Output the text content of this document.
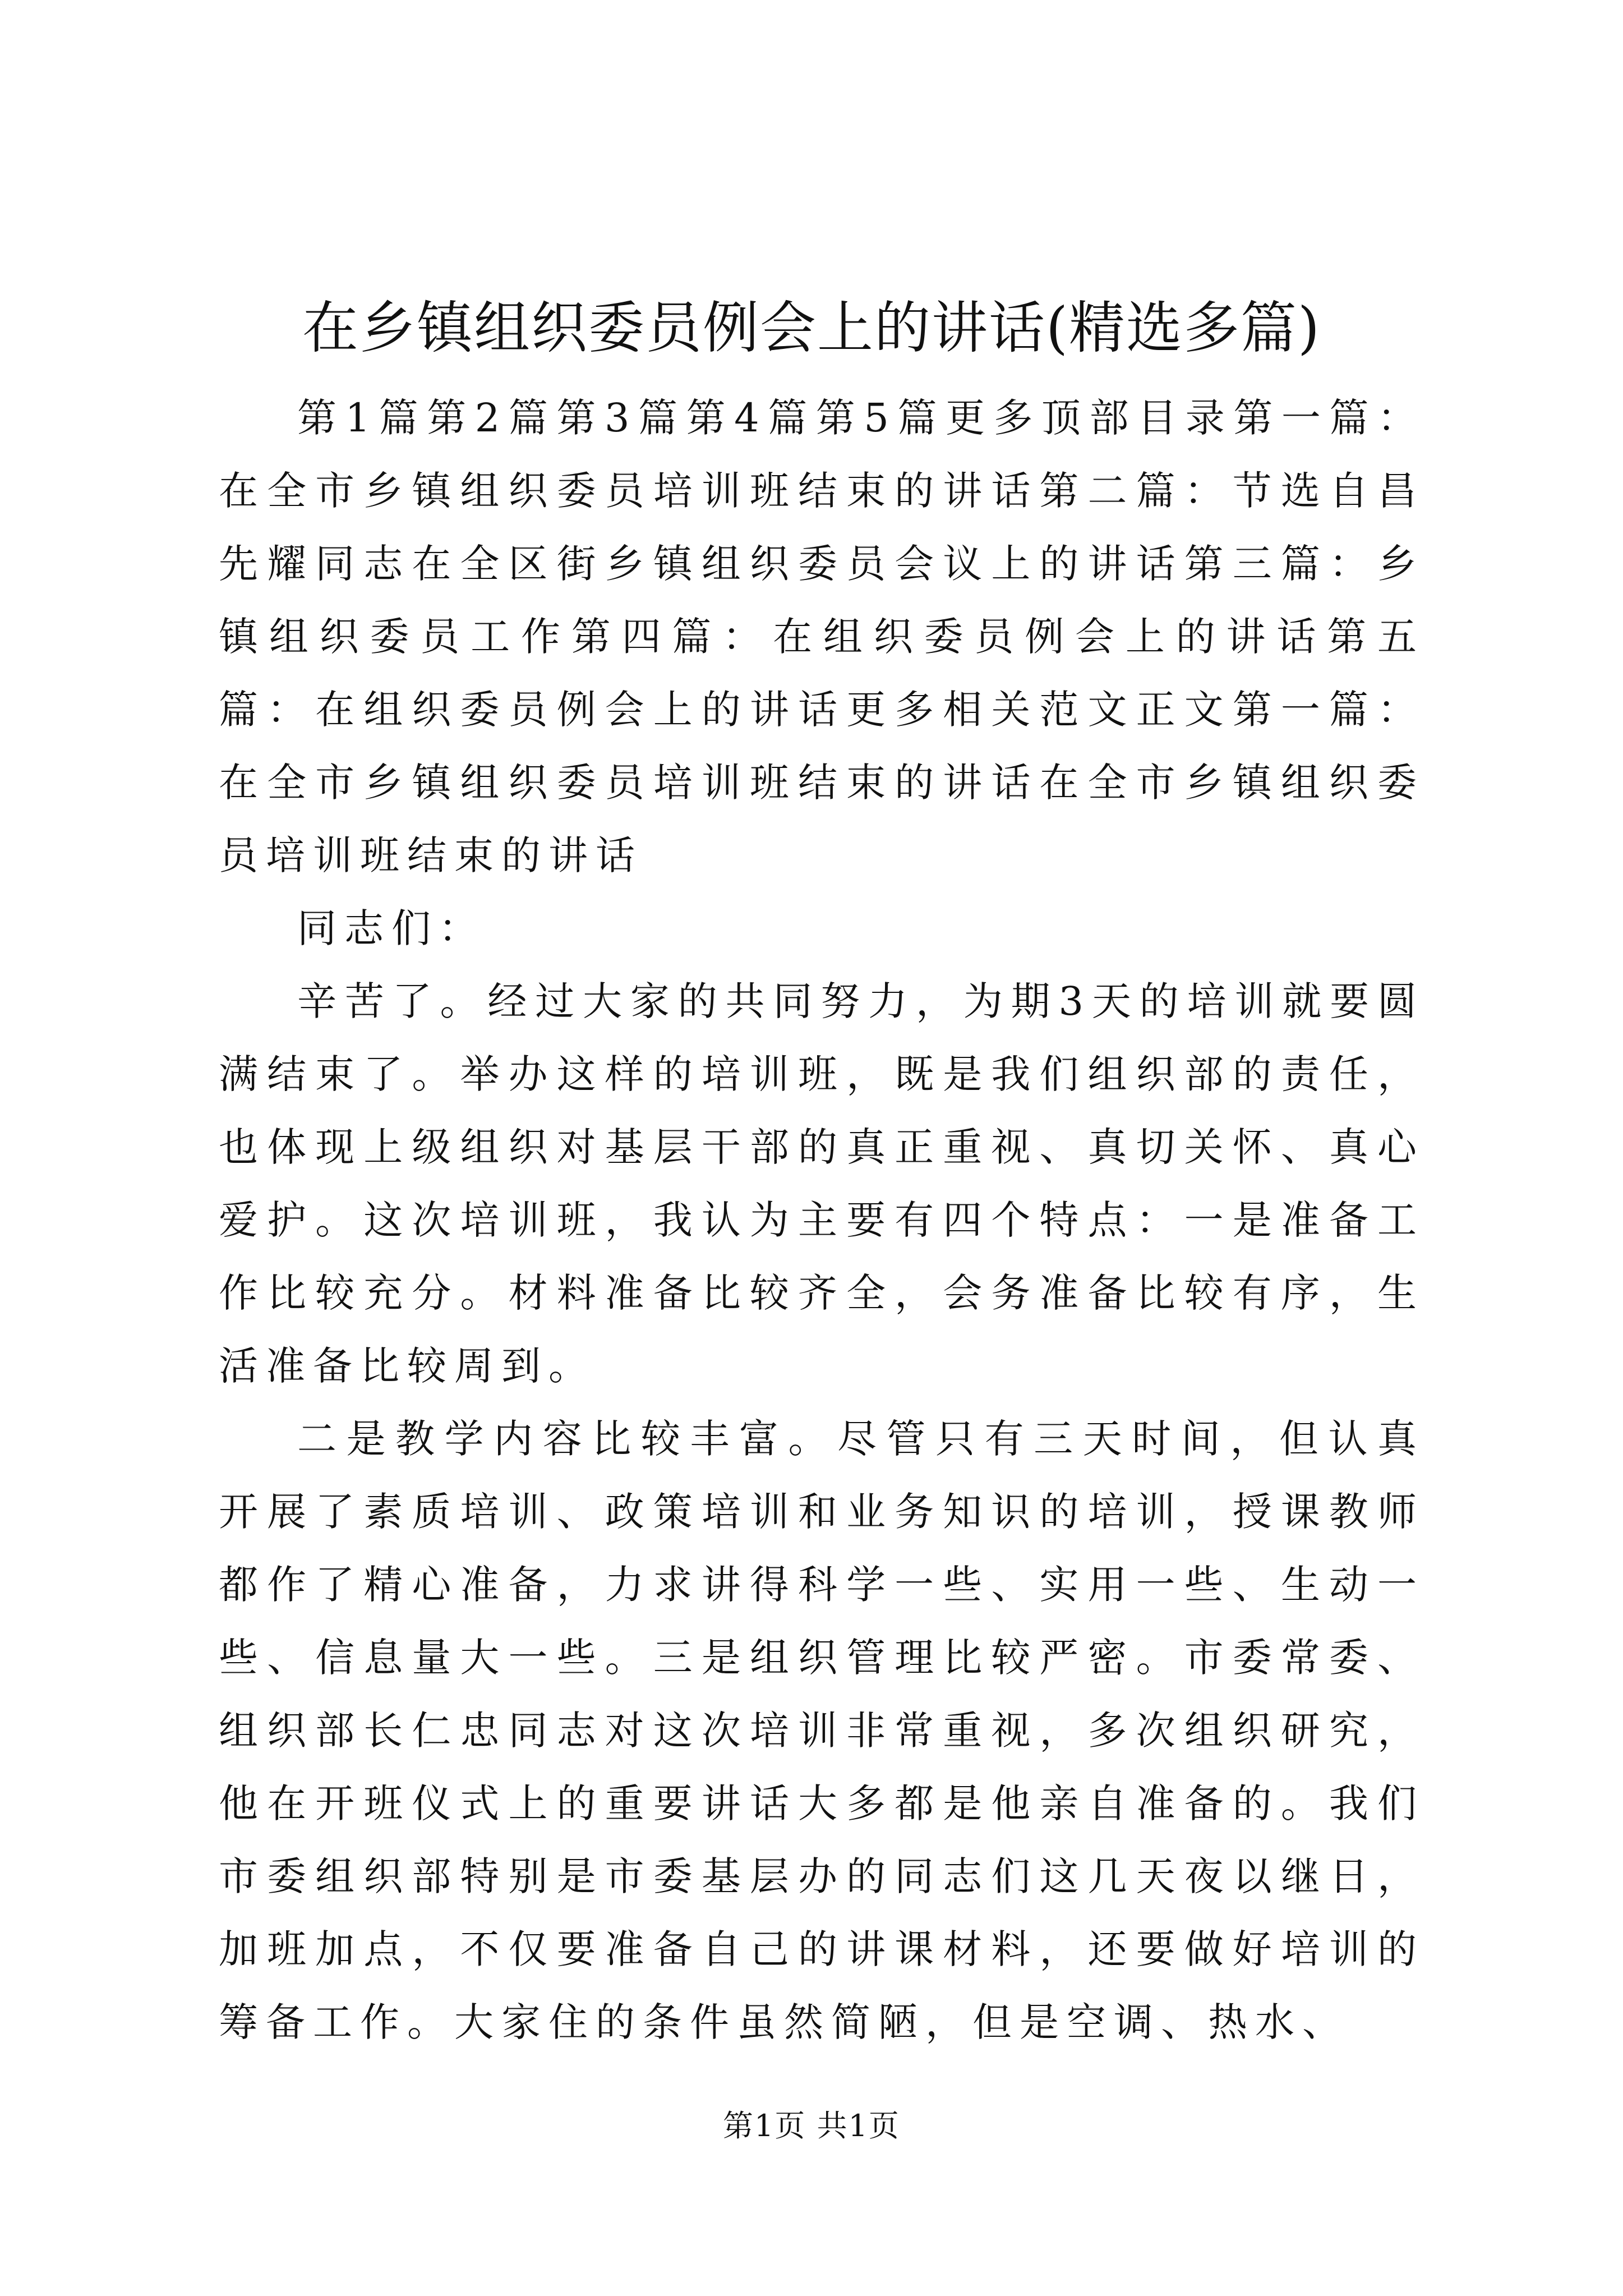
在乡镇组织委员例会上的讲话(精选多篇)

第1篇第2篇第3篇第4篇第5篇更多顶部目录第一篇：在全市乡镇组织委员培训班结束的讲话第二篇：节选自昌先耀同志在全区街乡镇组织委员会议上的讲话第三篇：乡镇组织委员工作第四篇：在组织委员例会上的讲话第五篇：在组织委员例会上的讲话更多相关范文正文第一篇：在全市乡镇组织委员培训班结束的讲话在全市乡镇组织委员培训班结束的讲话

同志们：

辛苦了。经过大家的共同努力，为期3天的培训就要圆满结束了。举办这样的培训班，既是我们组织部的责任，也体现上级组织对基层干部的真正重视、真切关怀、真心爱护。这次培训班，我认为主要有四个特点：一是准备工作比较充分。材料准备比较齐全，会务准备比较有序，生活准备比较周到。

二是教学内容比较丰富。尽管只有三天时间，但认真开展了素质培训、政策培训和业务知识的培训，授课教师都作了精心准备，力求讲得科学一些、实用一些、生动一些、信息量大一些。三是组织管理比较严密。市委常委、组织部长仁忠同志对这次培训非常重视，多次组织研究，他在开班仪式上的重要讲话大多都是他亲自准备的。我们市委组织部特别是市委基层办的同志们这几天夜以继日，加班加点，不仅要准备自己的讲课材料，还要做好培训的筹备工作。大家住的条件虽然简陋，但是空调、热水、

第1页 共1页
